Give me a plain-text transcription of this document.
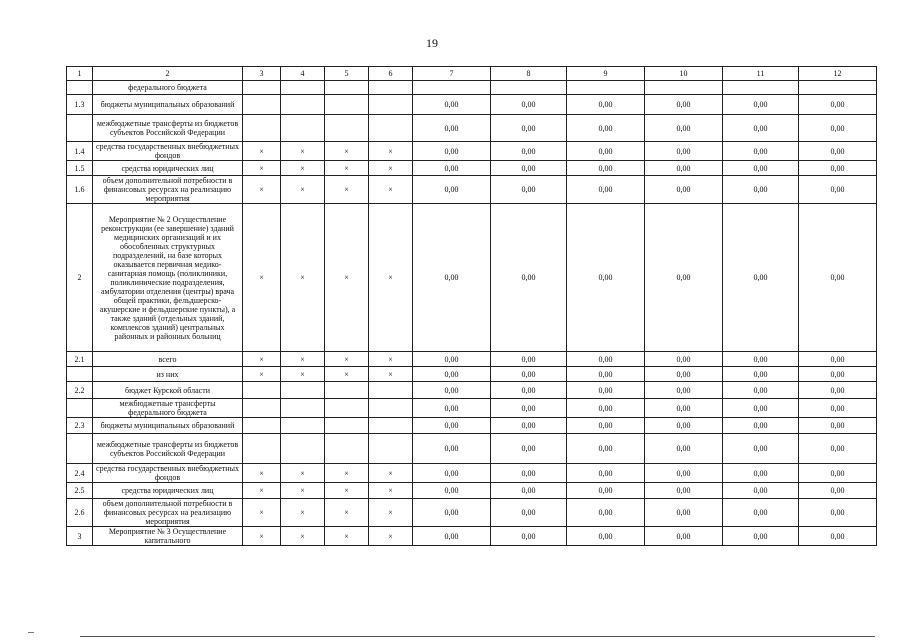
19
1	2	3	4	5	6	7	8	9	10	11	12
	федерального бюджета										
1.3	бюджеты муниципальных образований					0,00	0,00	0,00	0,00	0,00	0,00
	межбюджетные трансферты из бюджетов субъектов Российской Федерации					0,00	0,00	0,00	0,00	0,00	0,00
1.4	средства государственных внебюджетных фондов	×	×	×	×	0,00	0,00	0,00	0,00	0,00	0,00
1.5	средства юридических лиц	×	×	×	×	0,00	0,00	0,00	0,00	0,00	0,00
1.6	объем дополнительной потребности в финансовых ресурсах на реализацию мероприятия	×	×	×	×	0,00	0,00	0,00	0,00	0,00	0,00
2	Мероприятие № 2 Осуществление реконструкции (ее завершение) зданий медицинских организаций и их обособленных структурных подразделений, на базе которых оказывается первичная медико-санитарная помощь (поликлиники, поликлинические подразделения, амбулатории отделения (центры) врача общей практики, фельдшерско- акушерские и фельдшерские пункты), а также зданий (отдельных зданий, комплексов зданий) центральных районных и районных больниц	×	×	×	×	0,00	0,00	0,00	0,00	0,00	0,00
2.1	всего	×	×	×	×	0,00	0,00	0,00	0,00	0,00	0,00
	из них	×	×	×	×	0,00	0,00	0,00	0,00	0,00	0,00
2.2	бюджет Курской области					0,00	0,00	0,00	0,00	0,00	0,00
	межбюджетные трансферты федерального бюджета					0,00	0,00	0,00	0,00	0,00	0,00
2.3	бюджеты муниципальных образований					0,00	0,00	0,00	0,00	0,00	0,00
	межбюджетные трансферты из бюджетов субъектов Российской Федерации					0,00	0,00	0,00	0,00	0,00	0,00
2.4	средства государственных внебюджетных фондов	×	×	×	×	0,00	0,00	0,00	0,00	0,00	0,00
2.5	средства юридических лиц	×	×	×	×	0,00	0,00	0,00	0,00	0,00	0,00
2.6	объем дополнительной потребности в финансовых ресурсах на реализацию мероприятия	×	×	×	×	0,00	0,00	0,00	0,00	0,00	0,00
3	Мероприятие № 3 Осуществление капитального	×	×	×	×	0,00	0,00	0,00	0,00	0,00	0,00
